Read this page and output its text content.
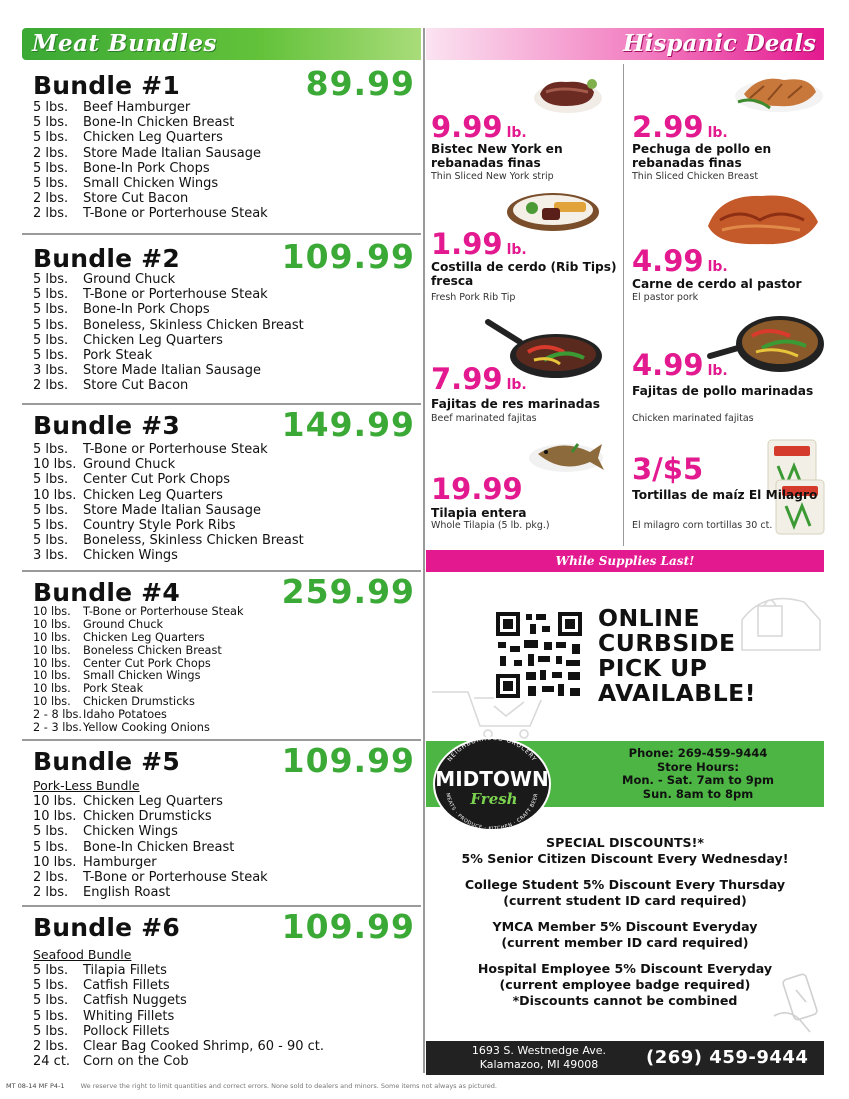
Meat Bundles
Bundle #1	89.99
5 lbs.	Beef Hamburger
5 lbs.	Bone-In Chicken Breast
5 lbs.	Chicken Leg Quarters
2 lbs.	Store Made Italian Sausage
5 lbs.	Bone-In Pork Chops
5 lbs.	Small Chicken Wings
2 lbs.	Store Cut Bacon
2 lbs.	T-Bone or Porterhouse Steak
Bundle #2	109.99
5 lbs.	Ground Chuck
5 lbs.	T-Bone or Porterhouse Steak
5 lbs.	Bone-In Pork Chops
5 lbs.	Boneless, Skinless Chicken Breast
5 lbs.	Chicken Leg Quarters
5 lbs.	Pork Steak
3 lbs.	Store Made Italian Sausage
2 lbs.	Store Cut Bacon
Bundle #3	149.99
5 lbs.	T-Bone or Porterhouse Steak
10 lbs. Ground Chuck
5 lbs.	Center Cut Pork Chops
10 lbs. Chicken Leg Quarters
5 lbs.	Store Made Italian Sausage
5 lbs.	Country Style Pork Ribs
5 lbs.	Boneless, Skinless Chicken Breast
3 lbs.	Chicken Wings
Bundle #4	259.99
10 lbs.	T-Bone or Porterhouse Steak
10 lbs.	Ground Chuck
10 lbs.	Chicken Leg Quarters
10 lbs.	Boneless Chicken Breast
10 lbs.	Center Cut Pork Chops
10 lbs.	Small Chicken Wings
10 lbs.	Pork Steak
10 lbs.	Chicken Drumsticks
2 - 8 lbs. Idaho Potatoes
2 - 3 lbs. Yellow Cooking Onions
Bundle #5	109.99
Pork-Less Bundle
10 lbs. Chicken Leg Quarters
10 lbs. Chicken Drumsticks
5 lbs.	Chicken Wings
5 lbs.	Bone-In Chicken Breast
10 lbs. Hamburger
2 lbs.	T-Bone or Porterhouse Steak
2 lbs.	English Roast
Bundle #6	109.99
Seafood Bundle
5 lbs.	Tilapia Fillets
5 lbs.	Catfish Fillets
5 lbs.	Catfish Nuggets
5 lbs.	Whiting Fillets
5 lbs.	Pollock Fillets
2 lbs.	Clear Bag Cooked Shrimp, 60 - 90 ct.
24 ct. Corn on the Cob
Hispanic Deals
9.99 lb.
Bistec New York en rebanadas finas
Thin Sliced New York strip
2.99 lb.
Pechuga de pollo en rebanadas finas
Thin Sliced Chicken Breast
1.99 lb.
Costilla de cerdo (Rib Tips) fresca
Fresh Pork Rib Tip
4.99 lb.
Carne de cerdo al pastor
El pastor pork
7.99 lb.
Fajitas de res marinadas
Beef marinated fajitas
4.99 lb.
Fajitas de pollo marinadas
Chicken marinated fajitas
19.99
Tilapia entera
Whole Tilapia (5 lb. pkg.)
3/$5
Tortillas de maíz El Milagro
El milagro corn tortillas 30 ct.
While Supplies Last!
ONLINE
CURBSIDE
PICK UP
AVAILABLE!
NEIGHBORHOOD GROCERY
MEATS · PRODUCE · KITCHEN · CRAFT BEER
MIDTOWN
Fresh
Phone: 269-459-9444
Store Hours:
Mon. - Sat. 7am to 9pm
Sun. 8am to 8pm
SPECIAL DISCOUNTS!*
5% Senior Citizen Discount Every Wednesday!
College Student 5% Discount Every Thursday
(current student ID card required)
YMCA Member 5% Discount Everyday
(current member ID card required)
Hospital Employee 5% Discount Everyday
(current employee badge required)
*Discounts cannot be combined
1693 S. Westnedge Ave.
Kalamazoo, MI 49008	(269) 459-9444
MT 08-14 MF P4-1 We reserve the right to limit quantities and correct errors. None sold to dealers and minors. Some items not always as pictured.
